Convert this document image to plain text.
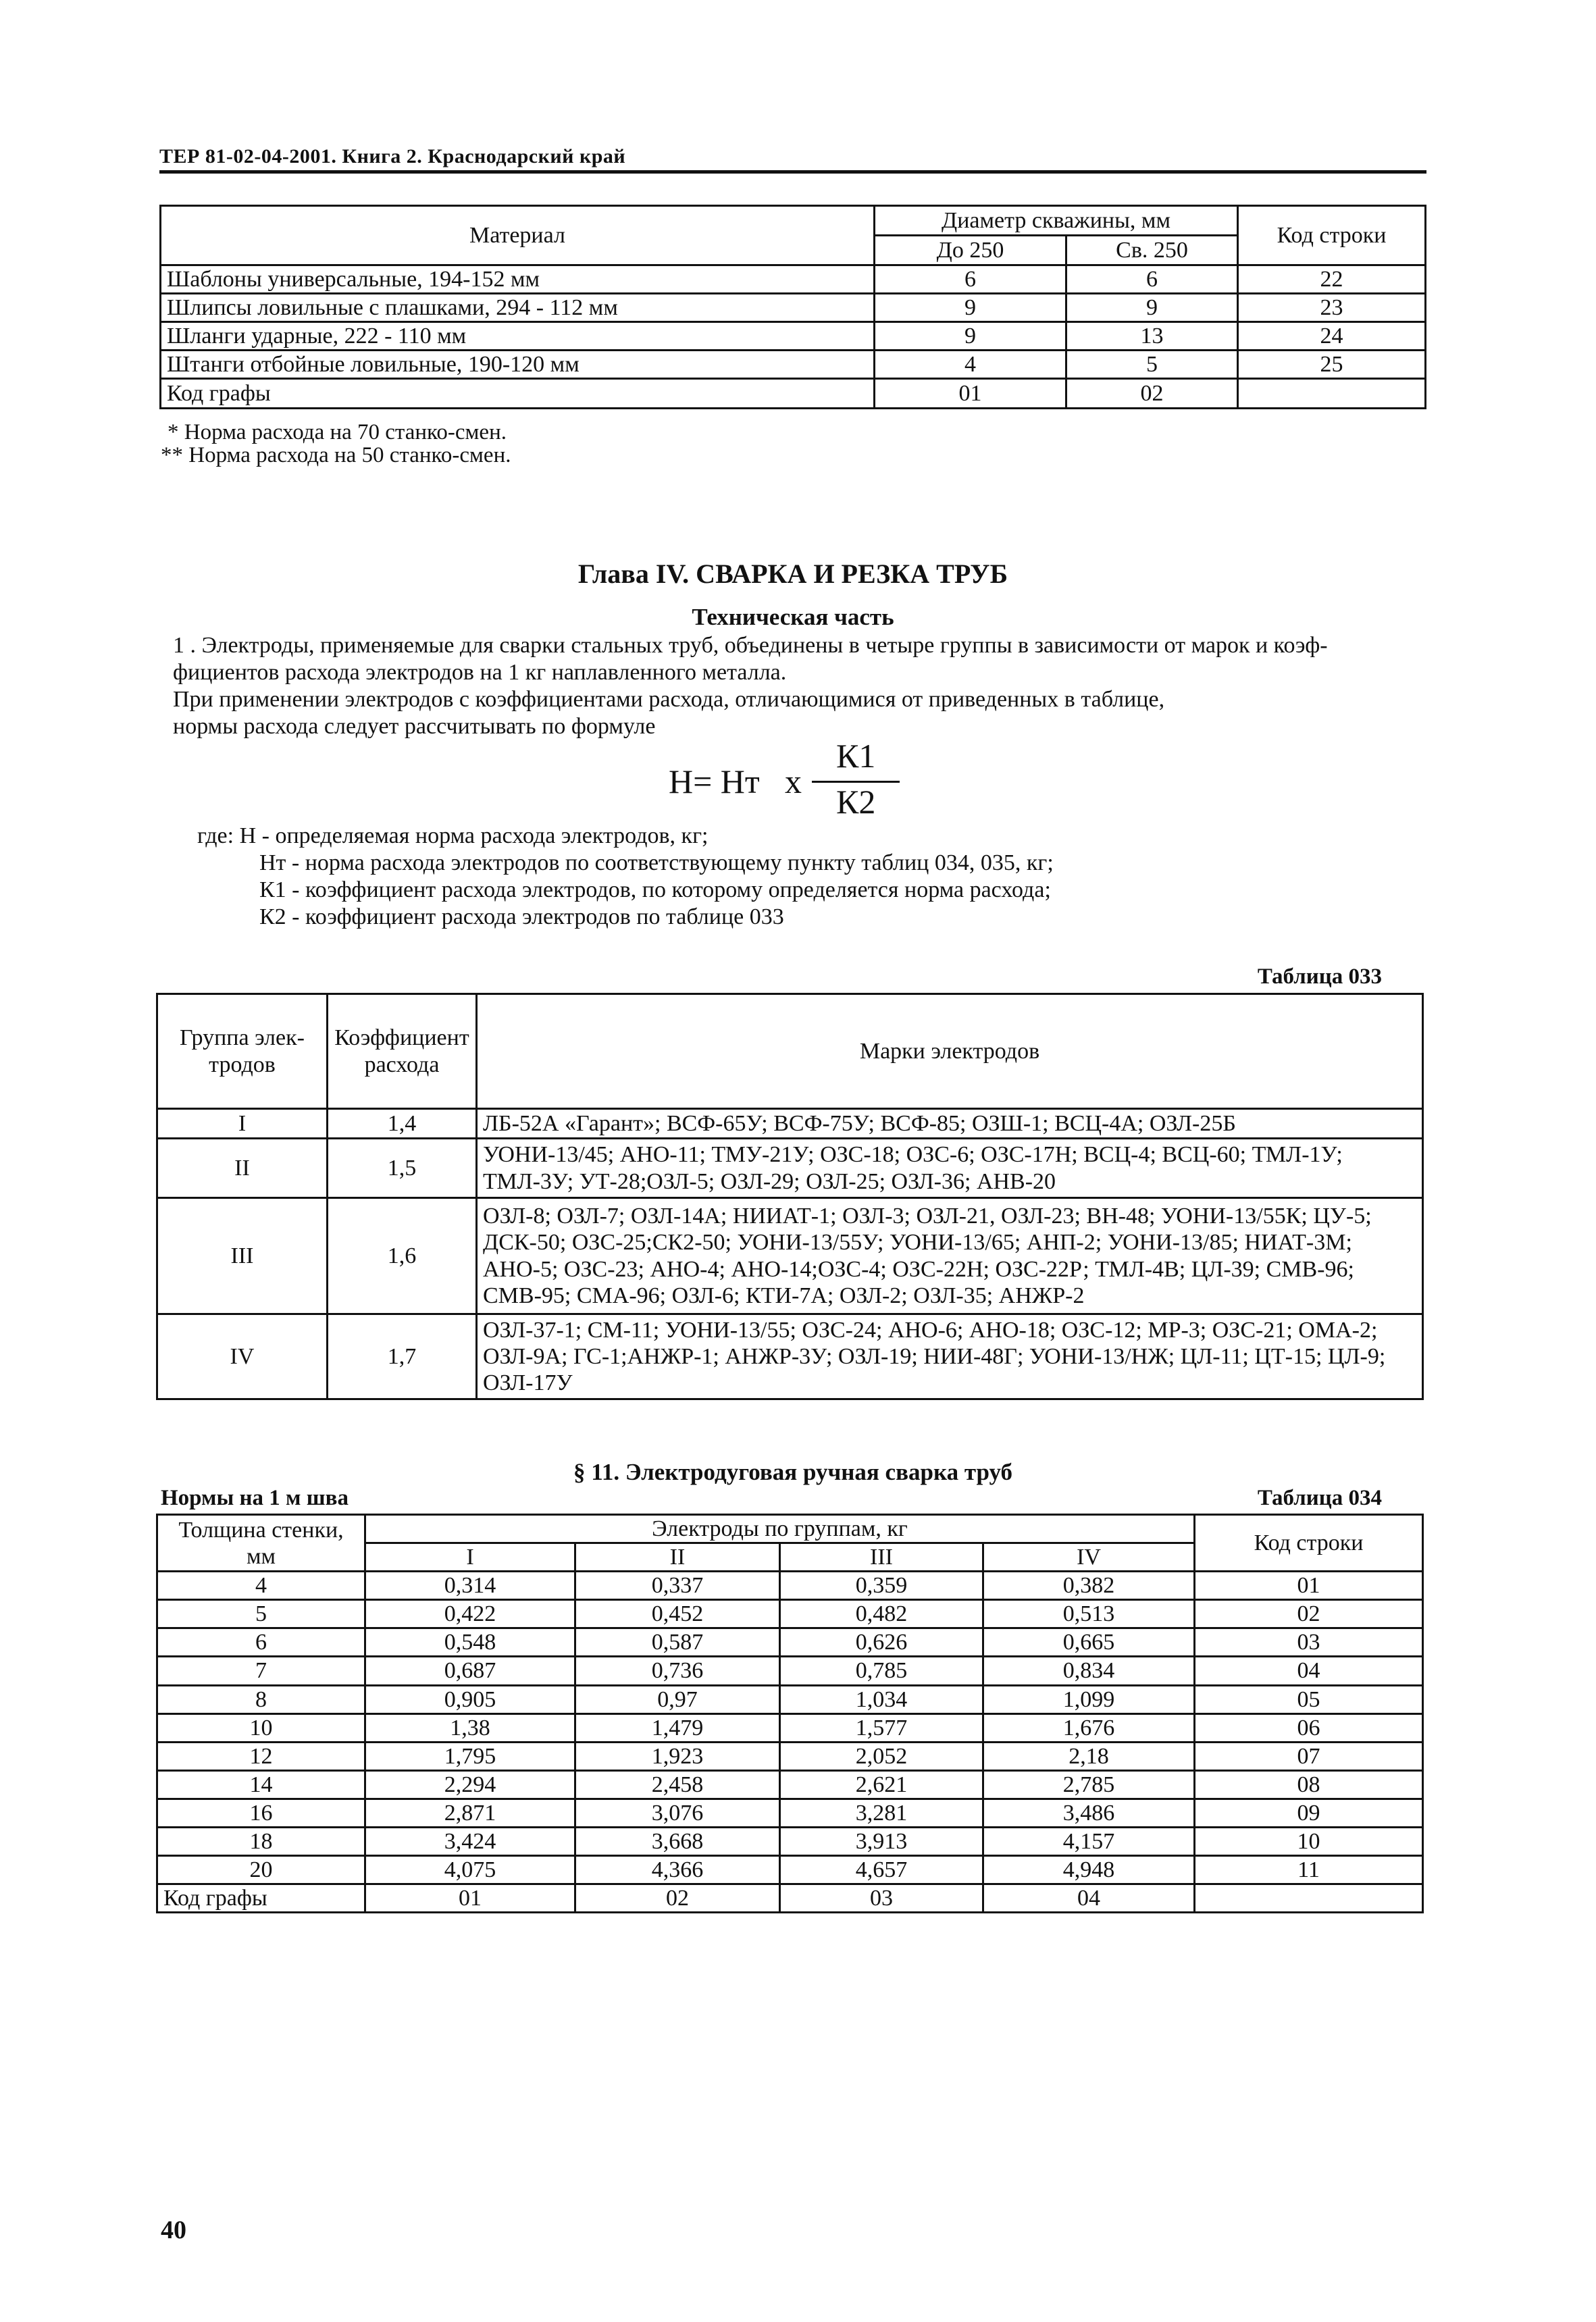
ТЕР 81-02-04-2001. Книга 2. Краснодарский край
Материал	Диаметр скважины, мм		Код строки
	До 250	Св. 250	
Шаблоны универсальные, 194-152 мм	6	6	22
Шлипсы ловильные с плашками, 294 - 112 мм	9	9	23
Шланги ударные, 222 - 110 мм	9	13	24
Штанги отбойные ловильные, 190-120 мм	4	5	25
Код графы	01	02	
* Норма расхода на 70 станко-смен.
** Норма расхода на 50 станко-смен.
Глава IV. СВАРКА И РЕЗКА ТРУБ
Техническая часть
1 . Электроды, применяемые для сварки стальных труб, объединены в четыре группы в зависимости от марок и коэф-
фициентов расхода электродов на 1 кг наплавленного металла.
При применении электродов с коэффициентами расхода, отличающимися от приведенных в таблице,
нормы расхода следует рассчитывать по формуле
Н= Нт х
К1
К2
где: Н - определяемая норма расхода электродов, кг;
Нт - норма расхода электродов по соответствующему пункту таблиц 034, 035, кг;
К1 - коэффициент расхода электродов, по которому определяется норма расхода;
К2 - коэффициент расхода электродов по таблице 033
Таблица 033
Группа элек- тродов	Коэффициент расхода	Марки электродов
I	1,4	ЛБ-52А «Гарант»; ВСФ-65У; ВСФ-75У; ВСФ-85; ОЗШ-1; ВСЦ-4А; ОЗЛ-25Б
II	1,5	УОНИ-13/45; АНО-11; ТМУ-21У; ОЗС-18; ОЗС-6; ОЗС-17Н; ВСЦ-4; ВСЦ-60; ТМЛ-1У; ТМЛ-3У; УТ-28;ОЗЛ-5; ОЗЛ-29; ОЗЛ-25; ОЗЛ-36; АНВ-20
III	1,6	ОЗЛ-8; ОЗЛ-7; ОЗЛ-14А; НИИАТ-1; ОЗЛ-3; ОЗЛ-21, ОЗЛ-23; ВН-48; УОНИ-13/55К; ЦУ-5; ДСК-50; ОЗС-25;СК2-50; УОНИ-13/55У; УОНИ-13/65; АНП-2; УОНИ-13/85; НИАТ-3М; АНО-5; ОЗС-23; АНО-4; АНО-14;ОЗС-4; ОЗС-22Н; ОЗС-22Р; ТМЛ-4В; ЦЛ-39; СМВ-96; СМВ-95; СМА-96; ОЗЛ-6; КТИ-7А; ОЗЛ-2; ОЗЛ-35; АНЖР-2
IV	1,7	ОЗЛ-37-1; СМ-11; УОНИ-13/55; ОЗС-24; АНО-6; АНО-18; ОЗС-12; МР-3; ОЗС-21; ОМА-2; ОЗЛ-9А; ГС-1;АНЖР-1; АНЖР-3У; ОЗЛ-19; НИИ-48Г; УОНИ-13/НЖ; ЦЛ-11; ЦТ-15; ЦЛ-9; ОЗЛ-17У
§ 11. Электродуговая ручная сварка труб
Нормы на 1 м шва	Таблица 034
Толщина стенки, мм	Электроды по группам, кг				Код строки
	I	II	III	IV	
4	0,314	0,337	0,359	0,382	01
5	0,422	0,452	0,482	0,513	02
6	0,548	0,587	0,626	0,665	03
7	0,687	0,736	0,785	0,834	04
8	0,905	0,97	1,034	1,099	05
10	1,38	1,479	1,577	1,676	06
12	1,795	1,923	2,052	2,18	07
14	2,294	2,458	2,621	2,785	08
16	2,871	3,076	3,281	3,486	09
18	3,424	3,668	3,913	4,157	10
20	4,075	4,366	4,657	4,948	11
Код графы	01	02	03	04	
40
